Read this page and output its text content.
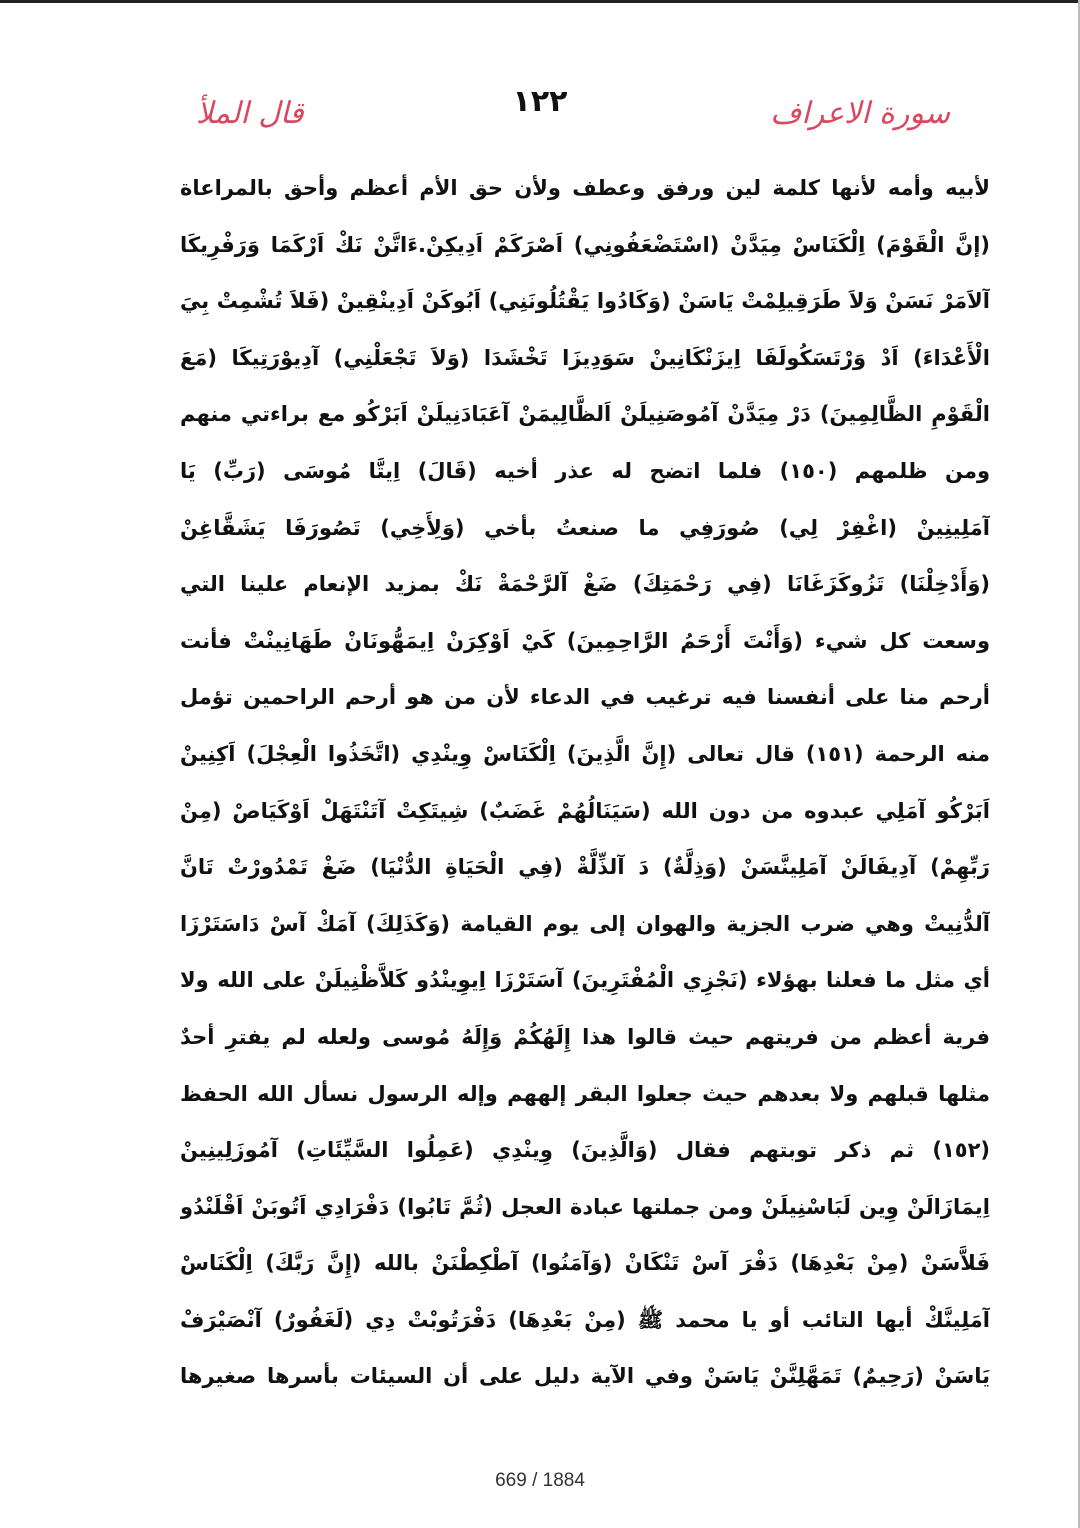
١٢٢	سورة الاعراف
قال الملأ
لأبيه وأمه لأنها كلمة لين ورفق وعطف ولأن حق الأم أعظم وأحق بالمراعاة
(إنَّ الْقَوْمَ) اِلْكَنَاسْ مِيَدَّنْ (اسْتَضْعَفُونِي) اَصْرَكَمْ اَدِيكِنْ.ءَاتَّنْ نَكْ اَرْكَمَا وَرَفْرِيكَا
آلاَمَرْ نَسَنْ وَلاَ طَرَقِيلِمْتْ يَاسَنْ (وَكَادُوا يَقْتُلُونَنِي) اَبُوكَنْ اَدِينْقِينْ (فَلاَ تُشْمِتْ بِيَ
الْأَعْدَاءَ) اَدْ وَرْتَسَكُولَفَا اِيزَنْكَانِينْ سَوَدِيزَا تَخْشَدَا (وَلاَ تَجْعَلْنِي) آدِيوْرَتِيكَا (مَعَ
الْقَوْمِ الظَّالِمِينَ) دَرْ مِيَدَّنْ آمُوصَنِيلَنْ اَلظَّالِيمَنْ آعَبَادَنِيلَنْ اَبَرْكُو مع براءتي منهم
ومن ظلمهم (١٥٠) فلما اتضح له عذر أخيه (قَالَ) اِيتَّا مُوسَى (رَبِّ) يَا
آمَلِينِينْ (اغْفِرْ لِي) صُورَفِي ما صنعتُ بأخي (وَلِأَخِي) تَصُورَفَا يَشَقَّاغِنْ
(وَأَدْخِلْنَا) تَزُوكَزَغَانَا (فِي رَحْمَتِكَ) ضَغْ آلرَّحْمَةْ نَكْ بمزيد الإنعام علينا التي
وسعت كل شيء (وَأَنْتَ أَرْحَمُ الرَّاحِمِينَ) كَيْ اَوْكِرَنْ اِيمَهُّونَانْ طَهَانِينْتْ فأنت
أرحم منا على أنفسنا فيه ترغيب في الدعاء لأن من هو أرحم الراحمين تؤمل
منه الرحمة (١٥١) قال تعالى (إِنَّ الَّذِينَ) اِلْكَنَاسْ وِينْدِي (اتَّخَذُوا الْعِجْلَ) اَكِنِينْ
اَبَرْكُو آمَلِي عبدوه من دون الله (سَيَنَالُهُمْ غَضَبٌ) شِيتَكِتْ آتَنْتَهَلْ اَوْكَيَاصْ (مِنْ
رَبِّهِمْ) آدِيفَالَنْ آمَلِينَّسَنْ (وَذِلَّةٌ) دَ آلذِّلَّةْ (فِي الْحَيَاةِ الدُّنْيَا) ضَغْ تَمْدُورْتْ تَانَّ
آلدُّنِيتْ وهي ضرب الجزية والهوان إلى يوم القيامة (وَكَذَلِكَ) آمَكْ آسْ دَاسَتَرْزَا
أي مثل ما فعلنا بهؤلاء (نَجْزِي الْمُفْتَرِينَ) آسَتَرْزَا اِيوِينْدُو كَلاَّظْنِيلَنْ على الله ولا
فرية أعظم من فريتهم حيث قالوا هذا إِلَهُكُمْ وَإِلَهُ مُوسى ولعله لم يفترِ أحدٌ
مثلها قبلهم ولا بعدهم حيث جعلوا البقر إلههم وإله الرسول نسأل الله الحفظ
(١٥٢) ثم ذكر توبتهم فقال (وَالَّذِينَ) وِينْدِي (عَمِلُوا السَّيِّئَاتِ) آمُوزَلِينِينْ
اِيمَازَالَنْ وِين لَبَاسْنِيلَنْ ومن جملتها عبادة العجل (ثُمَّ تَابُوا) دَفْرَادِي اَتُوبَنْ اَقْلَنْدُو
فَلاَّسَنْ (مِنْ بَعْدِهَا) دَفْرَ آسْ تَنْكَانْ (وَآمَنُوا) آطْكِطْنَنْ بالله (إِنَّ رَبَّكَ) اِلْكَنَاسْ
آمَلِينَّكْ أيها التائب أو يا محمد ﷺ (مِنْ بَعْدِهَا) دَفْرَتُوبْتْ دِي (لَغَفُورٌ) آنْصَيْرَفْ
يَاسَنْ (رَحِيمٌ) تَمَهَّلِنَّنْ يَاسَنْ وفي الآية دليل على أن السيئات بأسرها صغيرها
669 / 1884
